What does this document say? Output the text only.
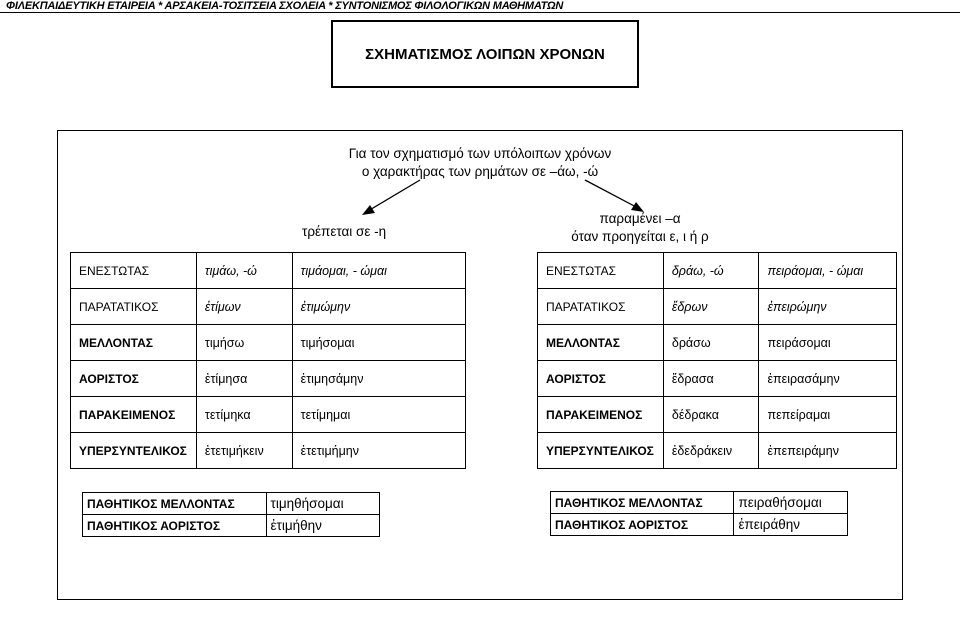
ΦΙΛΕΚΠΑΙΔΕΥΤΙΚΗ ΕΤΑΙΡΕΙΑ * ΑΡΣΑΚΕΙΑ-ΤΟΣΙΤΣΕΙΑ ΣΧΟΛΕΙΑ * ΣΥΝΤΟΝΙΣΜΟΣ ΦΙΛΟΛΟΓΙΚΩΝ ΜΑΘΗΜΑΤΩΝ
ΣΧΗΜΑΤΙΣΜΟΣ ΛΟΙΠΩΝ ΧΡΟΝΩΝ
Για τον σχηματισμό των υπόλοιπων χρόνων
ο χαρακτήρας των ρημάτων σε –άω, -ώ
τρέπεται σε -η
παραμένει –α
όταν προηγείται ε, ι ή ρ
ΕΝΕΣΤΩΤΑΣ	τιμάω, -ώ	τιμάομαι, - ώμαι
ΠΑΡΑΤΑΤΙΚΟΣ	ἐτίμων	ἐτιμώμην
ΜΕΛΛΟΝΤΑΣ	τιμήσω	τιμήσομαι
ΑΟΡΙΣΤΟΣ	ἐτίμησα	ἐτιμησάμην
ΠΑΡΑΚΕΙΜΕΝΟΣ	τετίμηκα	τετίμημαι
ΥΠΕΡΣΥΝΤΕΛΙΚΟΣ	ἐτετιμήκειν	ἐτετιμήμην
ΕΝΕΣΤΩΤΑΣ	δράω, -ώ	πειράομαι, - ώμαι
ΠΑΡΑΤΑΤΙΚΟΣ	ἔδρων	ἐπειρώμην
ΜΕΛΛΟΝΤΑΣ	δράσω	πειράσομαι
ΑΟΡΙΣΤΟΣ	ἔδρασα	ἐπειρασάμην
ΠΑΡΑΚΕΙΜΕΝΟΣ	δέδρακα	πεπείραμαι
ΥΠΕΡΣΥΝΤΕΛΙΚΟΣ	ἐδεδράκειν	ἐπεπειράμην
ΠΑΘΗΤΙΚΟΣ ΜΕΛΛΟΝΤΑΣ	τιμηθήσομαι
ΠΑΘΗΤΙΚΟΣ ΑΟΡΙΣΤΟΣ	ἐτιμήθην
ΠΑΘΗΤΙΚΟΣ ΜΕΛΛΟΝΤΑΣ	πειραθήσομαι
ΠΑΘΗΤΙΚΟΣ ΑΟΡΙΣΤΟΣ	ἐπειράθην
